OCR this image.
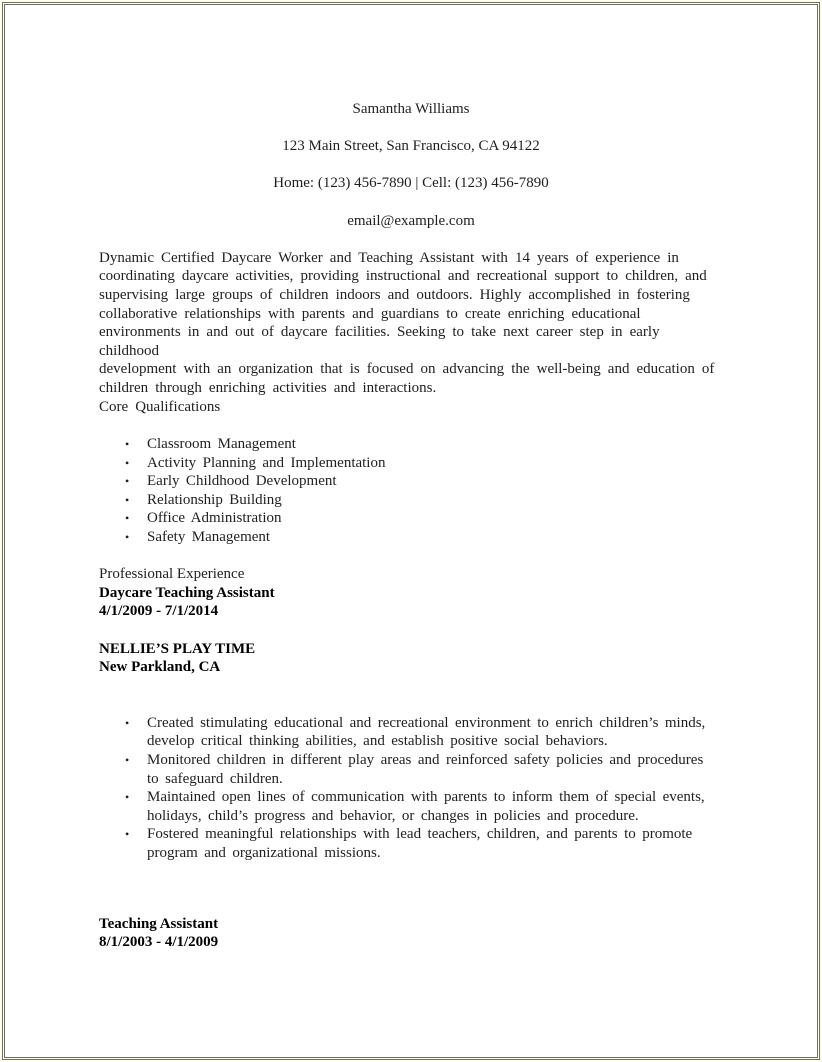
Samantha Williams
123 Main Street, San Francisco, CA 94122
Home: (123) 456-7890 | Cell: (123) 456-7890
email@example.com
Dynamic Certified Daycare Worker and Teaching Assistant with 14 years of experience in
coordinating daycare activities, providing instructional and recreational support to children, and
supervising large groups of children indoors and outdoors. Highly accomplished in fostering
collaborative relationships with parents and guardians to create enriching educational
environments in and out of daycare facilities. Seeking to take next career step in early childhood
development with an organization that is focused on advancing the well-being and education of
children through enriching activities and interactions.
Core Qualifications
•	Classroom Management
•	Activity Planning and Implementation
•	Early Childhood Development
•	Relationship Building
•	Office Administration
•	Safety Management
Professional Experience
Daycare Teaching Assistant
4/1/2009 - 7/1/2014
NELLIE’S PLAY TIME
New Parkland, CA
•	Created stimulating educational and recreational environment to enrich children’s minds,
develop critical thinking abilities, and establish positive social behaviors.
•	Monitored children in different play areas and reinforced safety policies and procedures
to safeguard children.
•	Maintained open lines of communication with parents to inform them of special events,
holidays, child’s progress and behavior, or changes in policies and procedure.
•	Fostered meaningful relationships with lead teachers, children, and parents to promote
program and organizational missions.
Teaching Assistant
8/1/2003 - 4/1/2009
